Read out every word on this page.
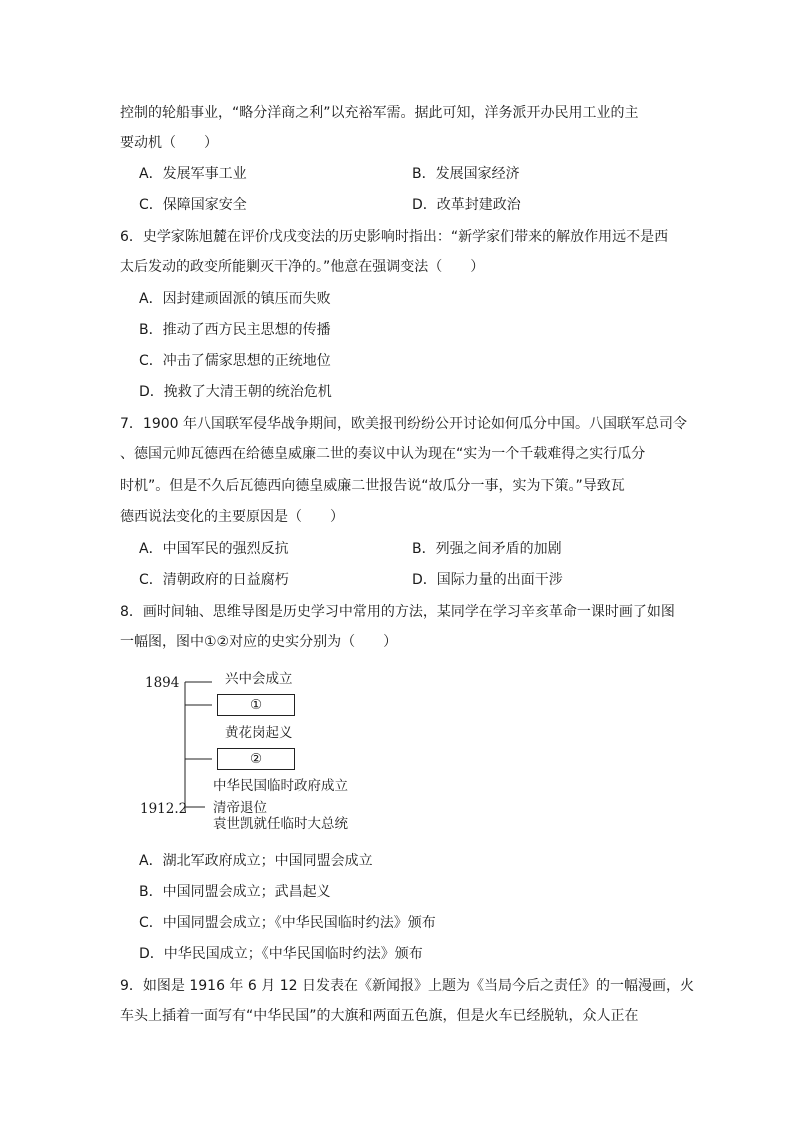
控制的轮船事业，“略分洋商之利”以充裕军需。据此可知，洋务派开办民用工业的主
要动机（　　）
A．发展军事工业	B．发展国家经济
C．保障国家安全	D．改革封建政治
6．史学家陈旭麓在评价戊戌变法的历史影响时指出：“新学家们带来的解放作用远不是西
太后发动的政变所能剿灭干净的。”他意在强调变法（　　）
A．因封建顽固派的镇压而失败
B．推动了西方民主思想的传播
C．冲击了儒家思想的正统地位
D．挽救了大清王朝的统治危机
7．1900 年八国联军侵华战争期间，欧美报刊纷纷公开讨论如何瓜分中国。八国联军总司令
、德国元帅瓦德西在给德皇威廉二世的奏议中认为现在“实为一个千载难得之实行瓜分
时机”。但是不久后瓦德西向德皇威廉二世报告说“故瓜分一事，实为下策。”导致瓦
德西说法变化的主要原因是（　　）
A．中国军民的强烈反抗	B．列强之间矛盾的加剧
C．清朝政府的日益腐朽	D．国际力量的出面干涉
8．画时间轴、思维导图是历史学习中常用的方法，某同学在学习辛亥革命一课时画了如图
一幅图，图中①②对应的史实分别为（　　）
1894	兴中会成立
①
黄花岗起义
②
中华民国临时政府成立
1912.2 清帝退位
袁世凯就任临时大总统
A．湖北军政府成立；中国同盟会成立
B．中国同盟会成立；武昌起义
C．中国同盟会成立；《中华民国临时约法》颁布
D．中华民国成立；《中华民国临时约法》颁布
9．如图是 1916 年 6 月 12 日发表在《新闻报》上题为《当局今后之责任》的一幅漫画，火
车头上插着一面写有“中华民国”的大旗和两面五色旗，但是火车已经脱轨，众人正在
